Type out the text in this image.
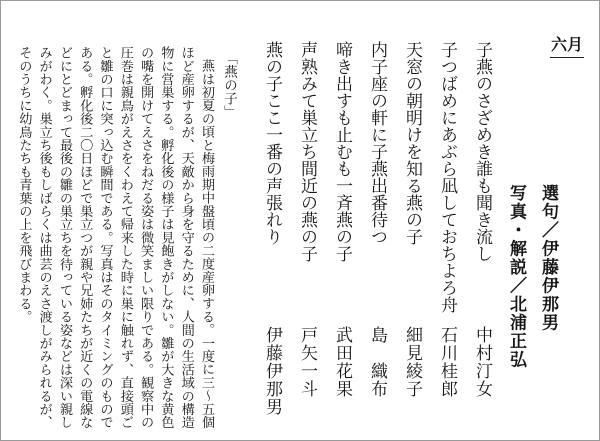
六月
選句／伊藤伊那男
写真・解説／北浦正弘
子燕のさざめき誰も聞き流し
中村汀女
子つばめにあぶら凪しておちよろ舟
石川桂郎
天窓の朝明けを知る燕の子
細見綾子
内子座の軒に子燕出番待つ
島　織布
啼き出すも止むも一斉燕の子
武田花果
声熟みて巣立ち間近の燕の子
戸矢一斗
燕の子ここ一番の声張れり
伊藤伊那男
「燕の子」
燕は初夏の頃と梅雨期中盤頃の二度産卵する。一度に三〜五個
ほど産卵するが、天敵から身を守るために、人間の生活域の構造
物に営巣する。孵化後の様子は見飽きがしない。雛が大きな黄色
の嘴を開けてえさをねだる姿は微笑ましい限りである。観察中の
圧巻は親鳥がえさをくわえて帰来した時に巣に触れず、直接頭ご
と雛の口に突っ込む瞬間である。写真はそのタイミングのもので
ある。孵化後二〇日ほどで巣立つが親や兄姉たちが近くの電線な
どにとどまって最後の雛の巣立ちを待っている姿などは深い親し
みがわく。巣立ち後もしばらくは曲芸のえさ渡しがみられるが、
そのうちに幼鳥たちも青葉の上を飛びまわる。
